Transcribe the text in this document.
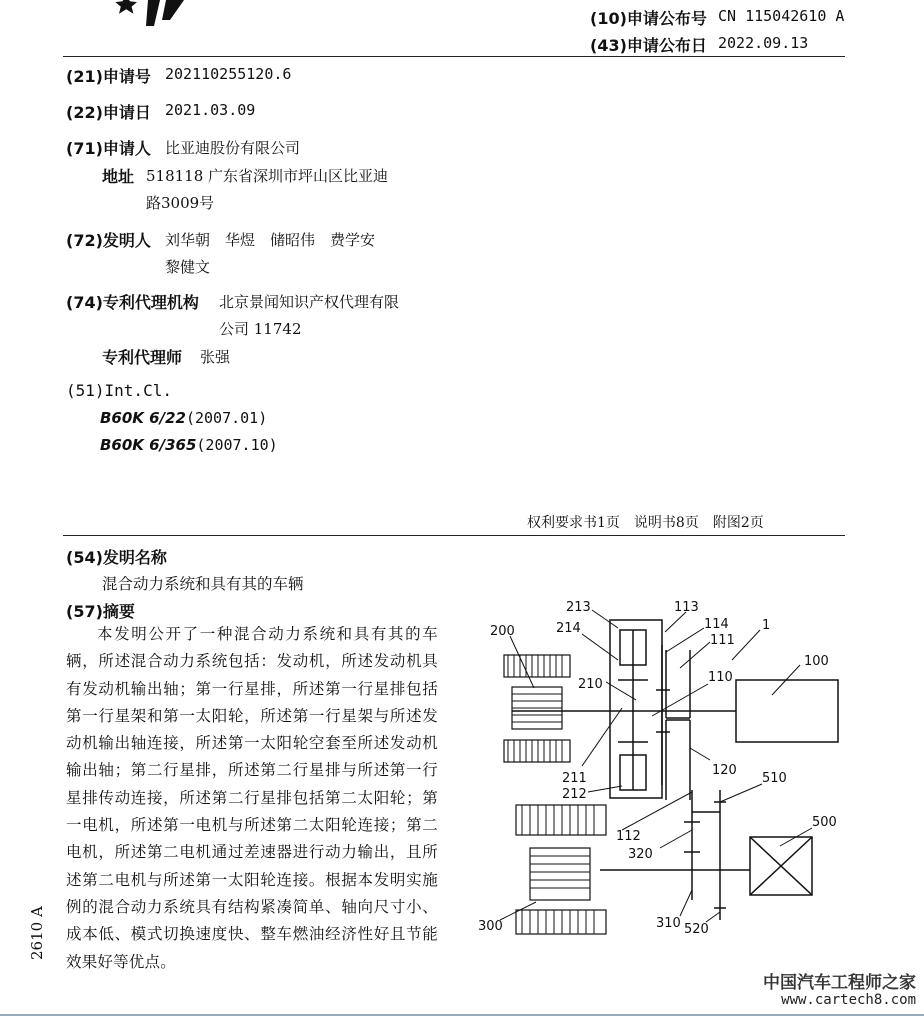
(10)申请公布号 CN 115042610 A
(43)申请公布日 2022.09.13
(21)申请号 202110255120.6
(22)申请日 2021.03.09
(71)申请人 比亚迪股份有限公司
地址 518118 广东省深圳市坪山区比亚迪
路3009号
(72)发明人 刘华朝　华煜　储昭伟　费学安
黎健文
(74)专利代理机构 北京景闻知识产权代理有限
公司 11742
专利代理师 张强
(51)Int.Cl.
B60K 6/22(2007.01)
B60K 6/365(2007.10)
权利要求书1页　说明书8页　附图2页
(54)发明名称
混合动力系统和具有其的车辆
(57)摘要
本发明公开了一种混合动力系统和具有其的车辆，所述混合动力系统包括：发动机，所述发动机具有发动机输出轴；第一行星排，所述第一行星排包括第一行星架和第一太阳轮，所述第一行星架与所述发动机输出轴连接，所述第一太阳轮空套至所述发动机输出轴；第二行星排，所述第二行星排与所述第一行星排传动连接，所述第二行星排包括第二太阳轮；第一电机，所述第一电机与所述第二太阳轮连接；第二电机，所述第二电机通过差速器进行动力输出，且所述第二电机与所述第一太阳轮连接。根据本发明实施例的混合动力系统具有结构紧凑简单、轴向尺寸小、成本低、模式切换速度快、整车燃油经济性好且节能效果好等优点。
213	113
114
111
1
200	214
100
210	110
211
120
212
510
112
500
320
300	310 520
2610 A
中国汽车工程师之家
www.cartech8.com
